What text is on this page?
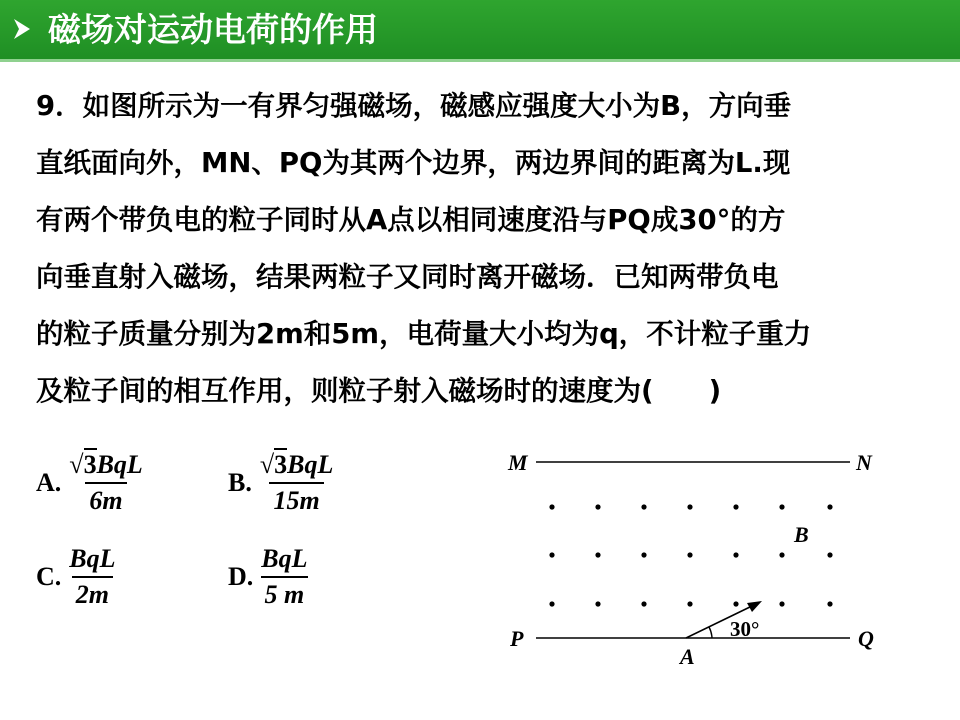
磁场对运动电荷的作用
9．如图所示为一有界匀强磁场，磁感应强度大小为B，方向垂
直纸面向外，MN、PQ为其两个边界，两边界间的距离为L.现
有两个带负电的粒子同时从A点以相同速度沿与PQ成30°的方
向垂直射入磁场，结果两粒子又同时离开磁场．已知两带负电
的粒子质量分别为2m和5m，电荷量大小均为q，不计粒子重力
及粒子间的相互作用，则粒子射入磁场时的速度为(　　)
A. $\frac{\text{√3BqL}}{6m}$	B. $\frac{\text{√3BqL}}{15m}$
C. $\frac{\text{BqL}}{2m}$	D. $\frac{\text{BqL}}{5 m}$
M	N
P	Q
A
B
30°
